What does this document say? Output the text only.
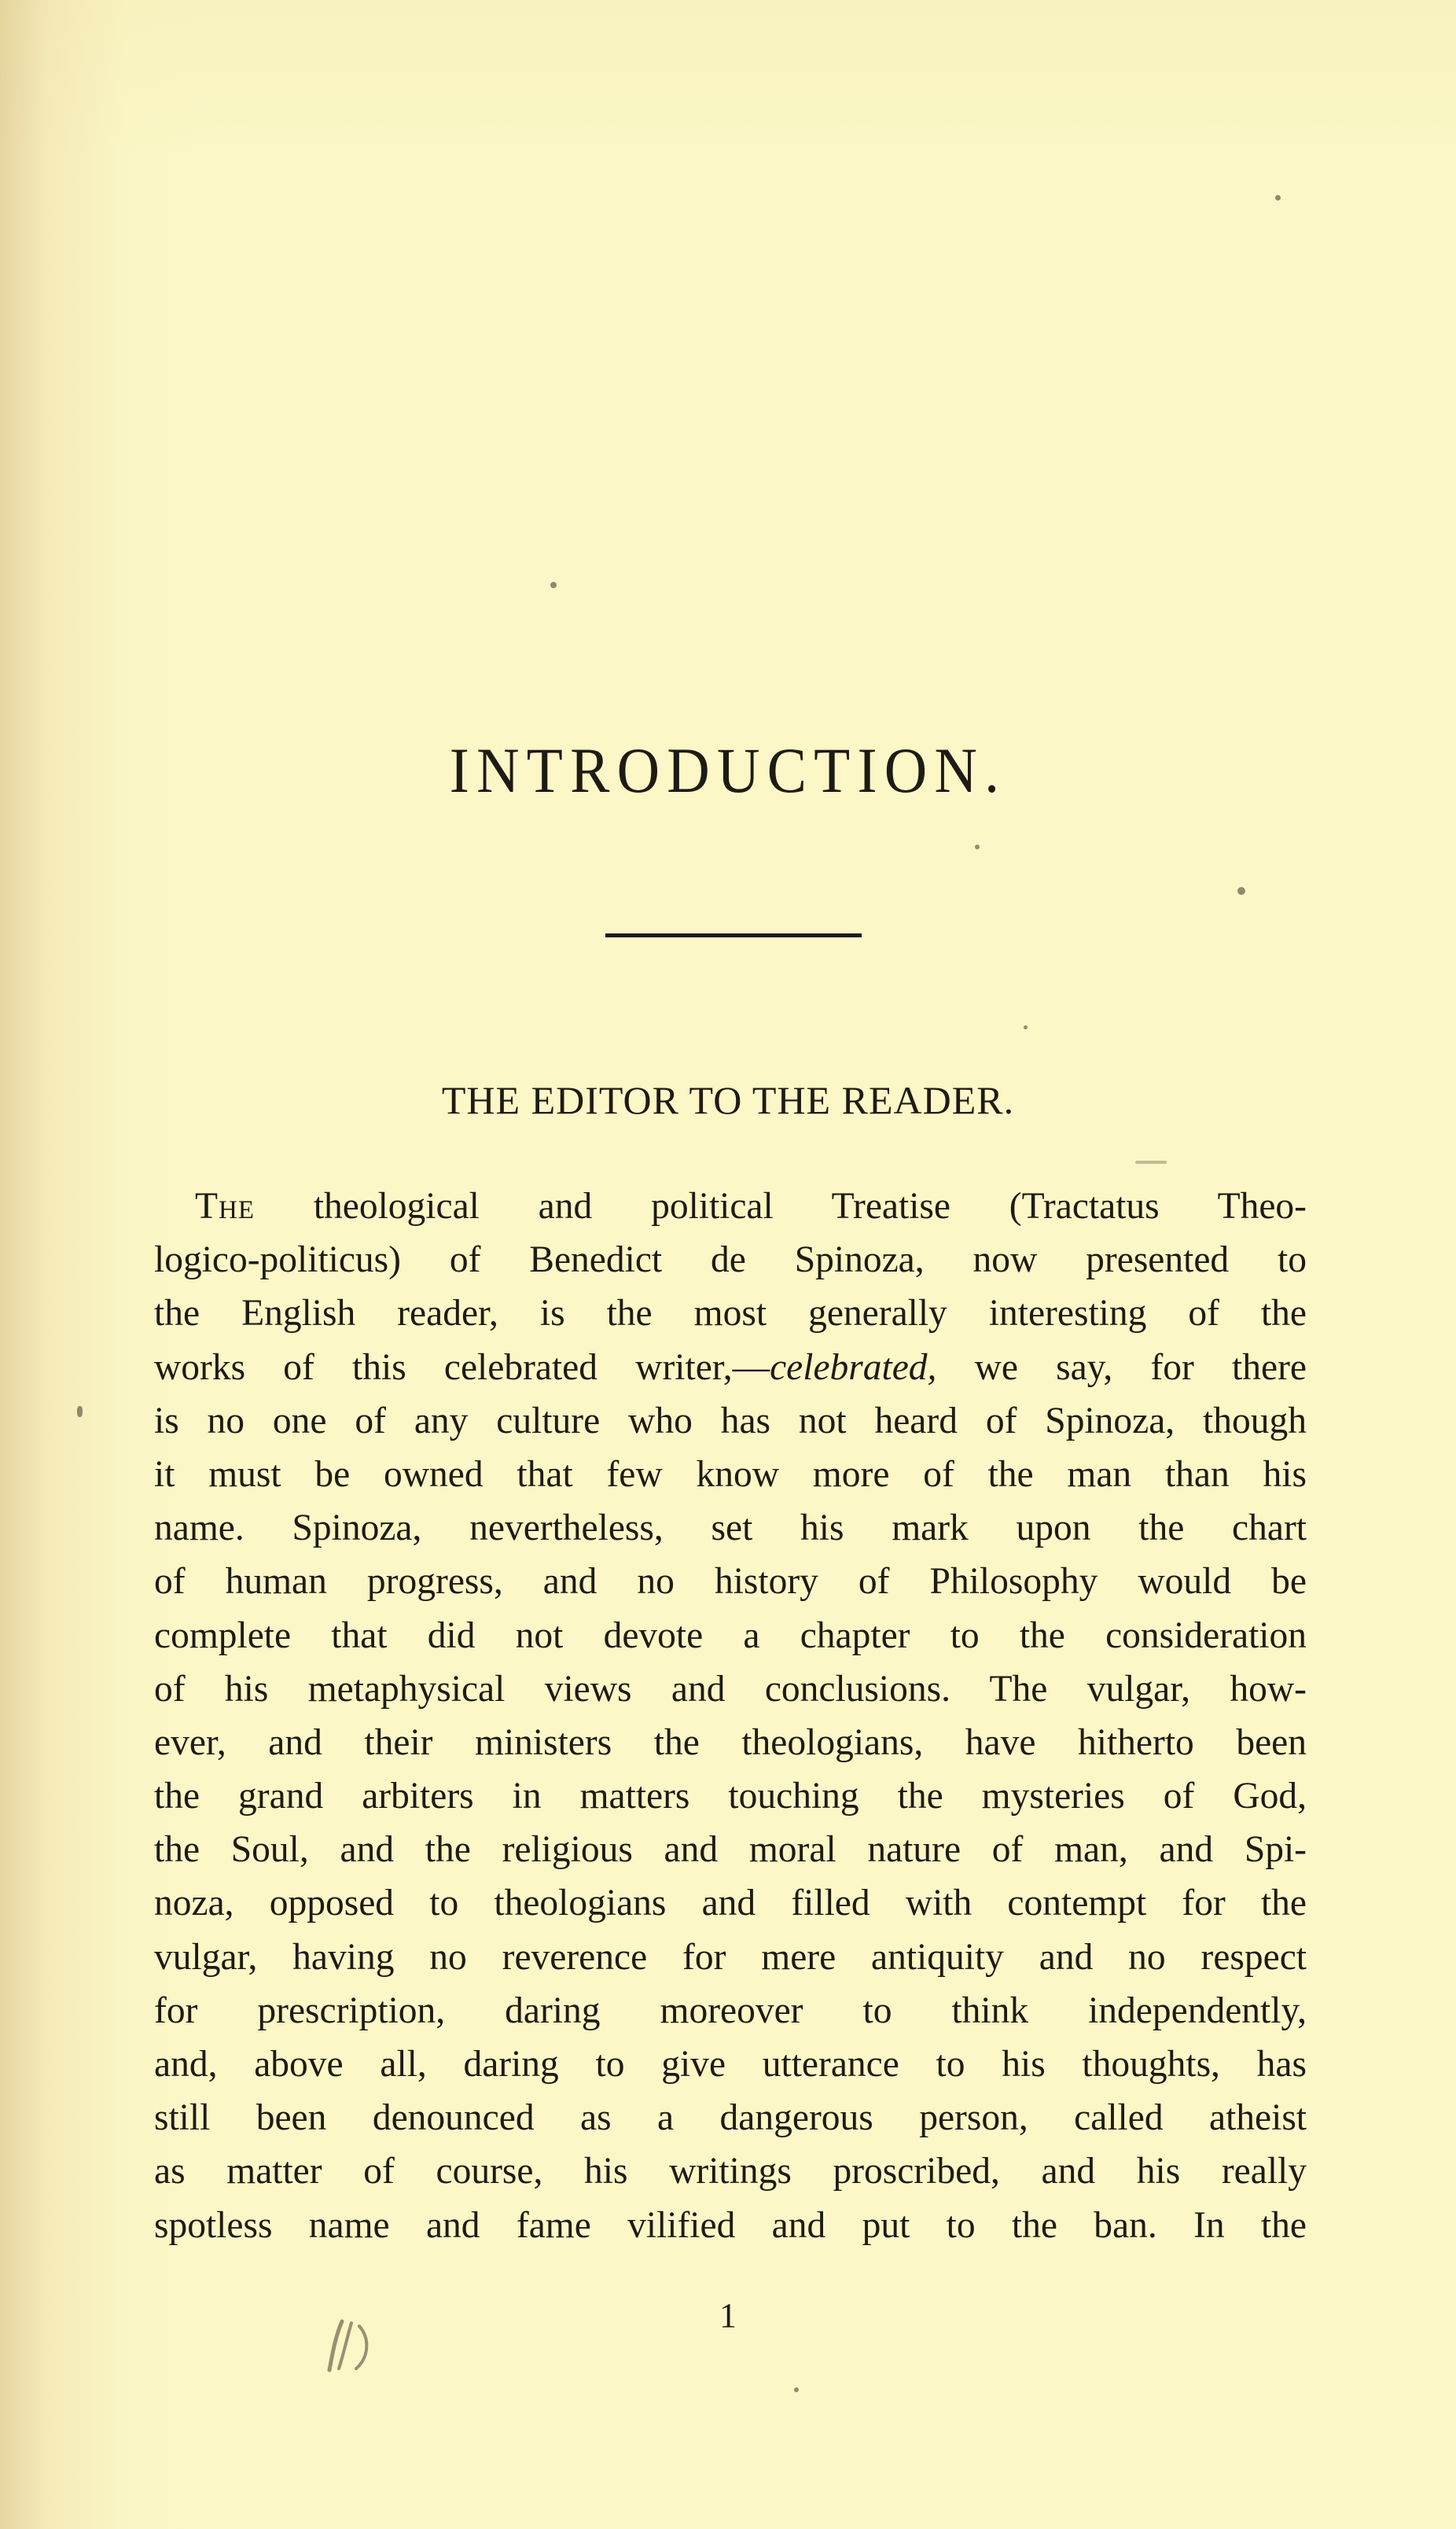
INTRODUCTION.
THE EDITOR TO THE READER.
The theological and political Treatise (Tractatus Theo-
logico-politicus) of Benedict de Spinoza, now presented to
the English reader, is the most generally interesting of the
works of this celebrated writer,—celebrated, we say, for there
is no one of any culture who has not heard of Spinoza, though
it must be owned that few know more of the man than his
name. Spinoza, nevertheless, set his mark upon the chart
of human progress, and no history of Philosophy would be
complete that did not devote a chapter to the consideration
of his metaphysical views and conclusions. The vulgar, how-
ever, and their ministers the theologians, have hitherto been
the grand arbiters in matters touching the mysteries of God,
the Soul, and the religious and moral nature of man, and Spi-
noza, opposed to theologians and filled with contempt for the
vulgar, having no reverence for mere antiquity and no respect
for prescription, daring moreover to think independently,
and, above all, daring to give utterance to his thoughts, has
still been denounced as a dangerous person, called atheist
as matter of course, his writings proscribed, and his really
spotless name and fame vilified and put to the ban. In the

1
